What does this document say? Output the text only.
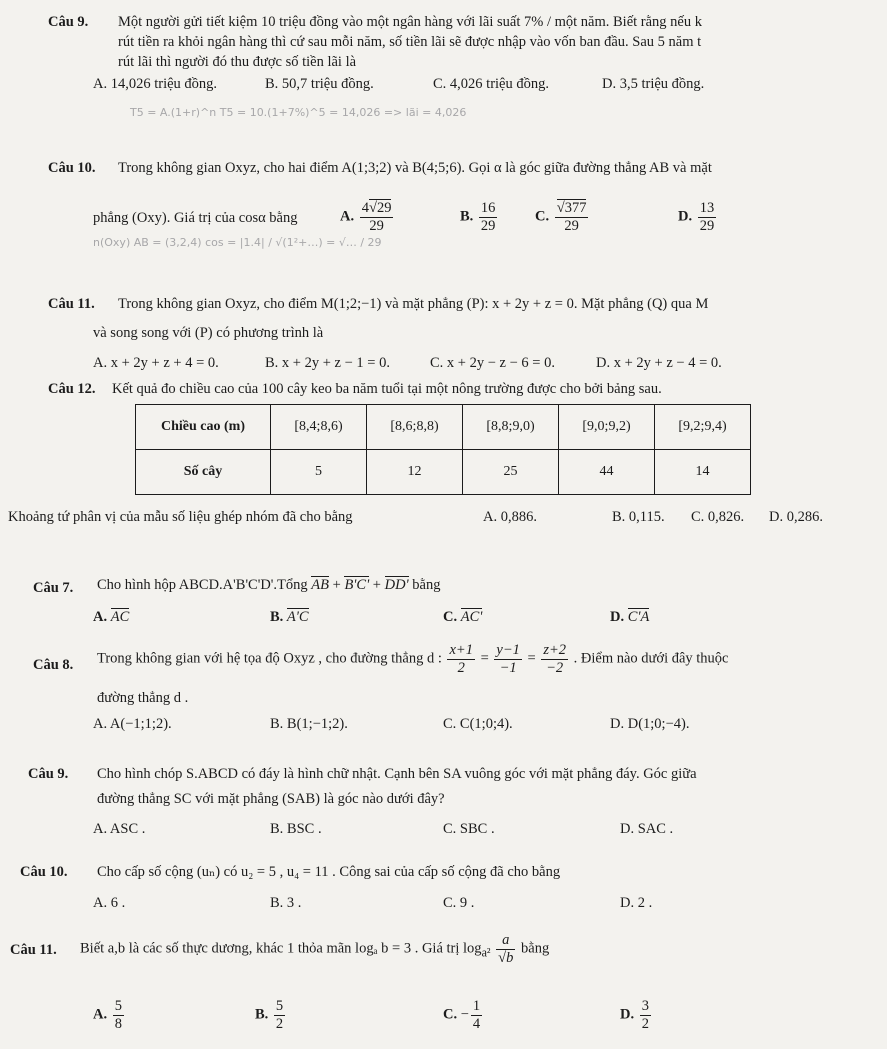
Câu 9. Một người gửi tiết kiệm 10 triệu đồng vào một ngân hàng với lãi suất 7% / một năm. Biết rằng nếu k
rút tiền ra khỏi ngân hàng thì cứ sau mỗi năm, số tiền lãi sẽ được nhập vào vốn ban đầu. Sau 5 năm t
rút lãi thì người đó thu được số tiền lãi là
A. 14,026 triệu đồng.	B. 50,7 triệu đồng.	C. 4,026 triệu đồng.	D. 3,5 triệu đồng.
T5 = A.(1+r)^n T5 = 10.(1+7%)^5 = 14,026 => lãi = 4,026
Câu 10. Trong không gian Oxyz, cho hai điểm A(1;3;2) và B(4;5;6). Gọi α là góc giữa đường thẳng AB và mặt
phẳng (Oxy). Giá trị của cosα bằng	A. $\frac{4√29}{29}$	B. $\frac{16}{29}$	C. $\frac{√377}{29}$	D. $\frac{13}{29}$
n(Oxy) AB = (3,2,4) cos = |1.4| / √(1²+…) = √… / 29
Câu 11. Trong không gian Oxyz, cho điểm M(1;2;−1) và mặt phẳng (P): x + 2y + z = 0. Mặt phẳng (Q) qua M
và song song với (P) có phương trình là
A. x + 2y + z + 4 = 0.	B. x + 2y + z − 1 = 0.	C. x + 2y − z − 6 = 0.	D. x + 2y + z − 4 = 0.
Câu 12. Kết quả đo chiều cao của 100 cây keo ba năm tuổi tại một nông trường được cho bởi bảng sau.
Chiều cao (m)	[8,4;8,6)	[8,6;8,8)	[8,8;9,0)	[9,0;9,2)	[9,2;9,4)
Số cây	5	12	25	44	14
Khoảng tứ phân vị của mẫu số liệu ghép nhóm đã cho bằng	A. 0,886.	B. 0,115. C. 0,826. D. 0,286.
Câu 7. Cho hình hộp ABCD.A'B'C'D'.Tổng AB + B'C' + DD' bằng
A. AC	B. A'C	C. AC'	D. C'A
Câu 8. Trong không gian với hệ tọa độ Oxyz , cho đường thẳng d : $\frac{x+1}{2} = \frac{y-1}{-1} = \frac{z+2}{-2}$ . Điểm nào dưới đây thuộc
đường thẳng d .
A. A(−1;1;2).	B. B(1;−1;2).	C. C(1;0;4).	D. D(1;0;−4).
Câu 9. Cho hình chóp S.ABCD có đáy là hình chữ nhật. Cạnh bên SA vuông góc với mặt phẳng đáy. Góc giữa
đường thẳng SC với mặt phẳng (SAB) là góc nào dưới đây?
A. ASC .	B. BSC .	C. SBC .	D. SAC .
Câu 10. Cho cấp số cộng (uₙ) có u₂ = 5 , u₄ = 11 . Công sai của cấp số cộng đã cho bằng
A. 6 .	B. 3 .	C. 9 .	D. 2 .
Câu 11. Biết a,b là các số thực dương, khác 1 thỏa mãn logₐ b = 3 . Giá trị $\log_{a^2} \frac{a}{√b}$ bằng
A. $\frac{5}{8}$	B. $\frac{5}{2}$	C. − $\frac{1}{4}$	D. $\frac{3}{2}$
